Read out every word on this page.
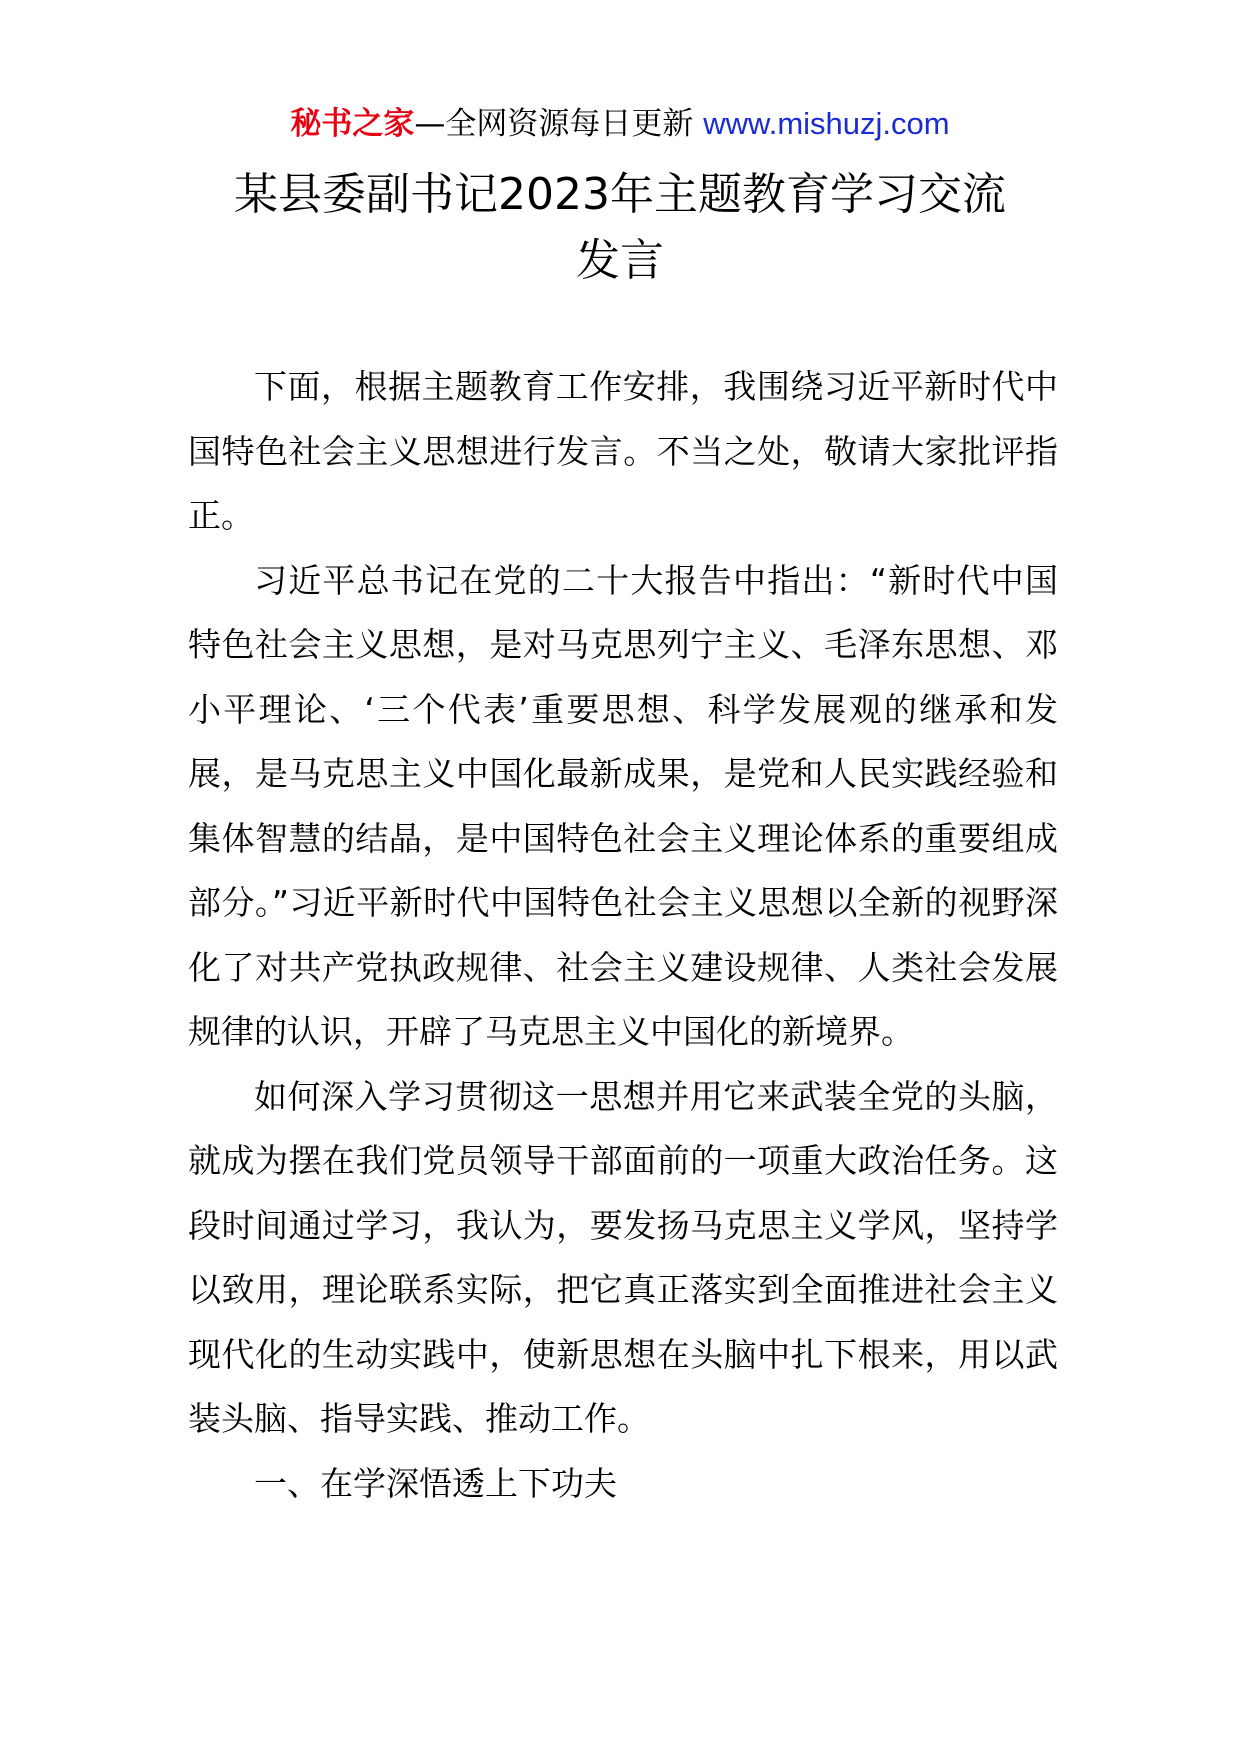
秘书之家—全网资源每日更新 www.mishuzj.com
某县委副书记2023年主题教育学习交流
发言

下面，根据主题教育工作安排，我围绕习近平新时代中国特色社会主义思想进行发言。不当之处，敬请大家批评指正。

习近平总书记在党的二十大报告中指出：“新时代中国特色社会主义思想，是对马克思列宁主义、毛泽东思想、邓小平理论、‘三个代表’重要思想、科学发展观的继承和发展，是马克思主义中国化最新成果，是党和人民实践经验和集体智慧的结晶，是中国特色社会主义理论体系的重要组成部分。”习近平新时代中国特色社会主义思想以全新的视野深化了对共产党执政规律、社会主义建设规律、人类社会发展规律的认识，开辟了马克思主义中国化的新境界。

如何深入学习贯彻这一思想并用它来武装全党的头脑，就成为摆在我们党员领导干部面前的一项重大政治任务。这段时间通过学习，我认为，要发扬马克思主义学风，坚持学以致用，理论联系实际，把它真正落实到全面推进社会主义现代化的生动实践中，使新思想在头脑中扎下根来，用以武装头脑、指导实践、推动工作。

一、在学深悟透上下功夫
